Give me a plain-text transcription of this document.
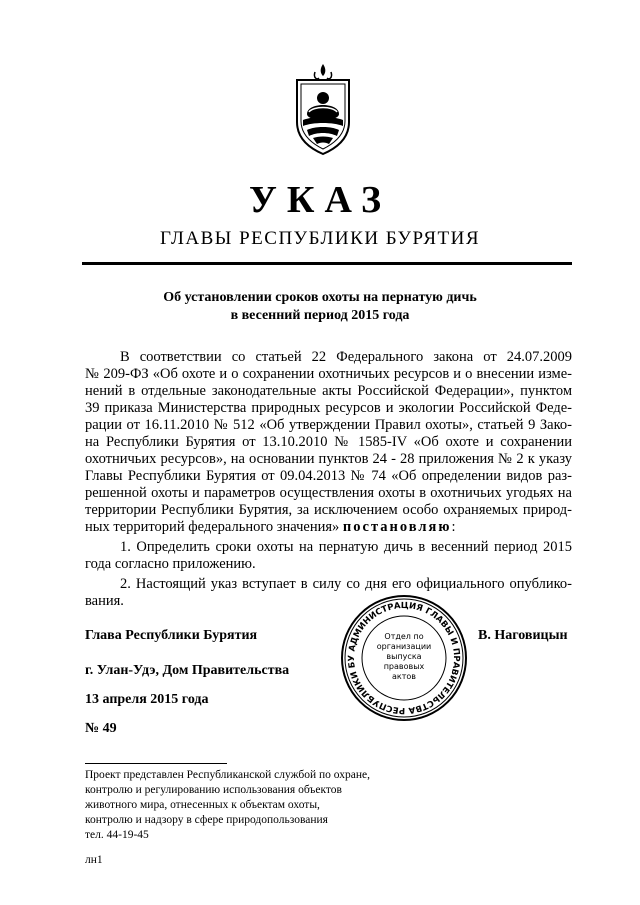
УКАЗ
ГЛАВЫ РЕСПУБЛИКИ БУРЯТИЯ
Об установлении сроков охоты на пернатую дичь
в весенний период 2015 года
В соответствии со статьей 22 Федерального закона от 24.07.2009
№ 209-ФЗ «Об охоте и о сохранении охотничьих ресурсов и о внесении изме-
нений в отдельные законодательные акты Российской Федерации», пунктом
39 приказа Министерства природных ресурсов и экологии Российской Феде-
рации от 16.11.2010 № 512 «Об утверждении Правил охоты», статьей 9 Зако-
на Республики Бурятия от 13.10.2010 № 1585-IV «Об охоте и сохранении
охотничьих ресурсов», на основании пунктов 24 - 28 приложения № 2 к указу
Главы Республики Бурятия от 09.04.2013 № 74 «Об определении видов раз-
решенной охоты и параметров осуществления охоты в охотничьих угодьях на
территории Республики Бурятия, за исключением особо охраняемых природ-
ных территорий федерального значения» постановляю:
1. Определить сроки охоты на пернатую дичь в весенний период 2015
года согласно приложению.
2. Настоящий указ вступает в силу со дня его официального опублико-
вания.
Глава Республики Бурятия	В. Наговицын
г. Улан-Удэ, Дом Правительства
13 апреля 2015 года
№ 49
АДМИНИСТРАЦИЯ ГЛАВЫ И ПРАВИТЕЛЬСТВА РЕСПУБЛИКИ БУ
Отдел по
организации
выпуска
правовых
актов
Проект представлен Республиканской службой по охране,
контролю и регулированию использования объектов
животного мира, отнесенных к объектам охоты,
контролю и надзору в сфере природопользования
тел. 44-19-45
лн1
